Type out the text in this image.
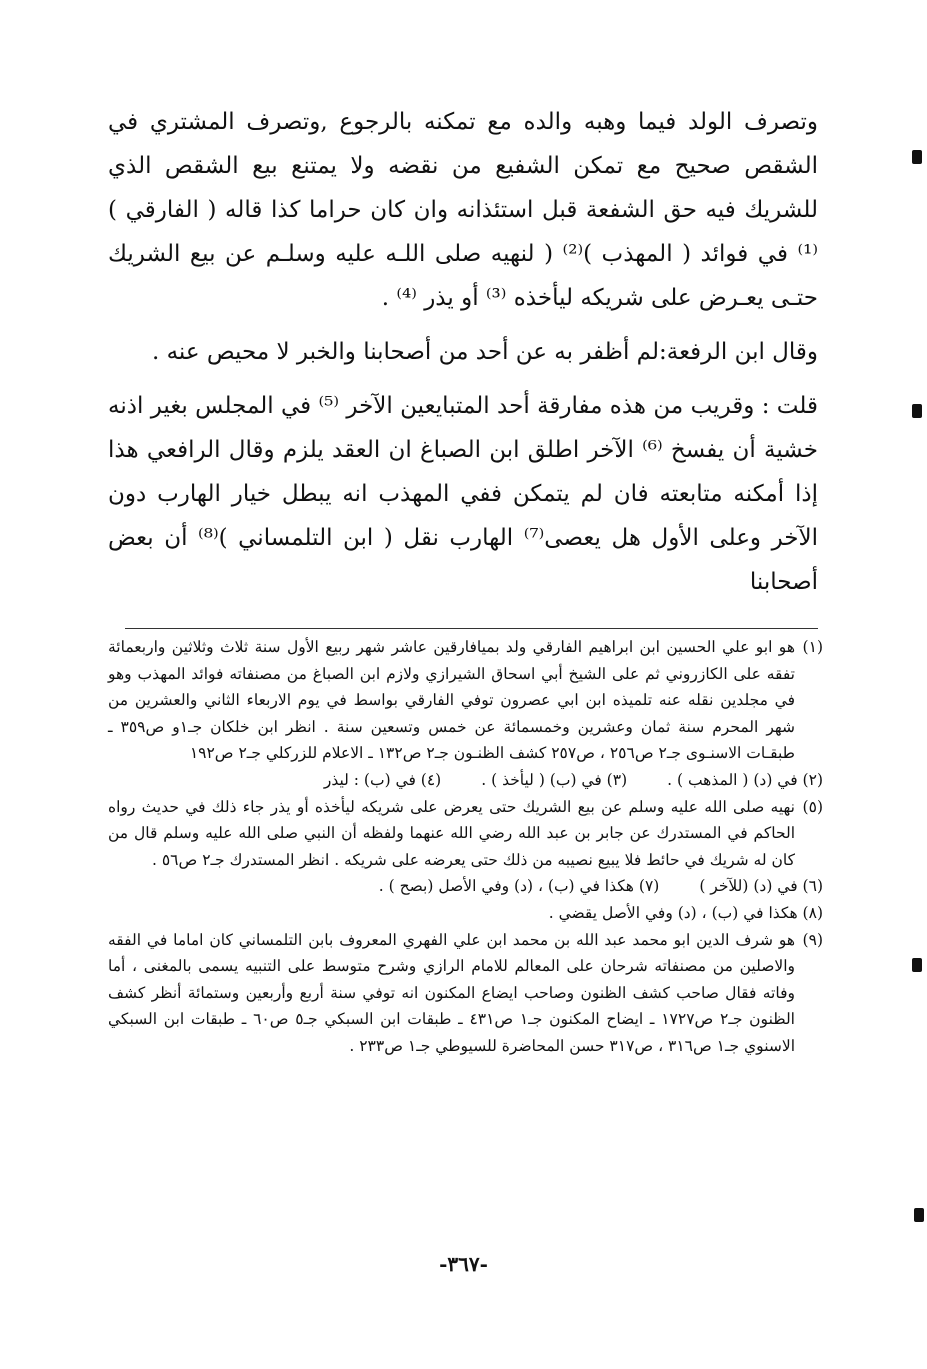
وتصرف الولد فيما وهبه والده مع تمكنه بالرجوع ,وتصرف المشتري في الشقص صحيح مع تمكن الشفيع من نقضه ولا يمتنع بيع الشقص الذي للشريك فيه حق الشفعة قبل استئذانه وان كان حراما كذا قاله ( الفارقي )⁽¹⁾ في فوائد ( المهذب )⁽²⁾ ( لنهيه صلى اللـه عليه وسلـم عن بيع الشريك حتـى يعـرض على شريكه ليأخذه ⁽³⁾ أو يذر ⁽⁴⁾ .

وقال ابن الرفعة:لم أظفر به عن أحد من أصحابنا والخبر لا محيص عنه .

قلت : وقريب من هذه مفارقة أحد المتبايعين الآخر ⁽⁵⁾ في المجلس بغير اذنه خشية أن يفسخ ⁽⁶⁾ الآخر اطلق ابن الصباغ ان العقد يلزم وقال الرافعي هذا إذا أمكنه متابعته فان لم يتمكن ففي المهذب انه يبطل خيار الهارب دون الآخر وعلى الأول هل يعصى⁽⁷⁾ الهارب نقل ( ابن التلمساني )⁽⁸⁾ أن بعض أصحابنا

(١)
هو ابو علي الحسين ابن ابراهيم الفارقي ولد بميافارقين عاشر شهر ربيع الأول سنة ثلاث وثلاثين واربعمائة تفقه على الكازروني ثم على الشيخ أبي اسحاق الشيرازي ولازم ابن الصباغ من مصنفاته فوائد المهذب وهو في مجلدين نقله عنه تلميذه ابن ابي عصرون توفي الفارقي بواسط في يوم الاربعاء الثاني والعشرين من شهر المحرم سنة ثمان وعشرين وخمسمائة عن خمس وتسعين سنة . انظر ابن خلكان جـ١و ص٣٥٩ ـ طبقـات الاسنـوى جـ٢ ص٢٥٦ ، ص٢٥٧ كشف الظنـون جـ٢ ص١٣٢ ـ الاعلام للزركلي جـ٢ ص١٩٢
(٢) في (د) ( المذهب ) .
(٣) في (ب) ( ليأخذ ) .
(٤) في (ب) : ليذر
(٥)
نهيه صلى الله عليه وسلم عن بيع الشريك حتى يعرض على شريكه ليأخذه أو يذر جاء ذلك في حديث رواه الحاكم في المستدرك عن جابر بن عبد الله رضي الله عنهما ولفظه أن النبي صلى الله عليه وسلم قال من كان له شريك في حائط فلا يبيع نصيبه من ذلك حتى يعرضه على شريكه . انظر المستدرك جـ٢ ص٥٦ .
(٦) في (د) (للآخر )
(٧) هكذا في (ب) ، (د) وفي الأصل (بصح ) .
(٨) هكذا في (ب) ، (د) وفي الأصل يقضي .
(٩)
هو شرف الدين ابو محمد عبد الله بن محمد ابن علي الفهري المعروف بابن التلمساني كان اماما في الفقه والاصلين من مصنفاته شرحان على المعالم للامام الرازي وشرح متوسط على التنبيه يسمى بالمغنى ، أما وفاته فقال صاحب كشف الظنون وصاحب ايضاع المكنون انه توفي سنة أربع وأربعين وستمائة أنظر كشف الظنون جـ٢ ص١٧٢٧ ـ ايضاح المكنون جـ١ ص٤٣١ ـ طبقات ابن السبكي جـ٥ ص٦٠ ـ طبقات ابن السبكي الاسنوي جـ١ ص٣١٦ ، ص٣١٧ حسن المحاضرة للسيوطي جـ١ ص٢٣٣ .
-٣٦٧-
